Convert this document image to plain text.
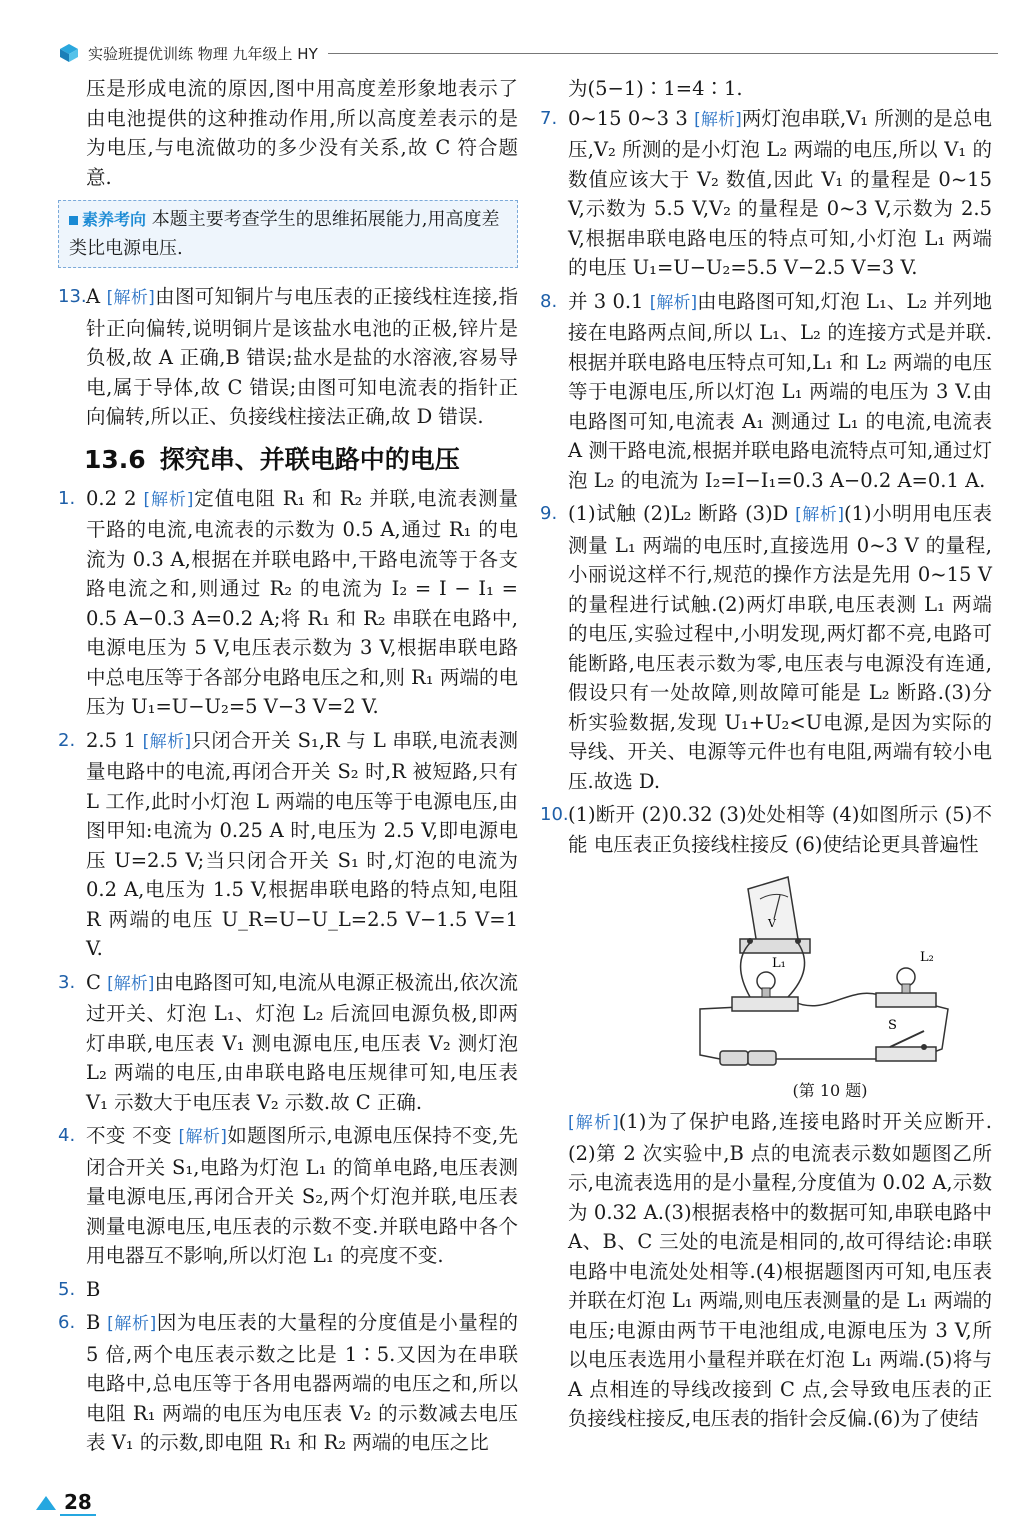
实验班提优训练 物理 九年级上 HY

压是形成电流的原因,图中用高度差形象地表示了由电池提供的这种推动作用,所以高度差表示的是为电压,与电流做功的多少没有关系,故 C 符合题意.

素养考向 本题主要考查学生的思维拓展能力,用高度差类比电源电压.
13. A [解析]由图可知铜片与电压表的正接线柱连接,指针正向偏转,说明铜片是该盐水电池的正极,锌片是负极,故 A 正确,B 错误;盐水是盐的水溶液,容易导电,属于导体,故 C 错误;由图可知电流表的指针正向偏转,所以正、负接线柱接法正确,故 D 错误.

13.6 探究串、并联电路中的电压
1. 0.2 2 [解析]定值电阻 R₁ 和 R₂ 并联,电流表测量干路的电流,电流表的示数为 0.5 A,通过 R₁ 的电流为 0.3 A,根据在并联电路中,干路电流等于各支路电流之和,则通过 R₂ 的电流为 I₂ = I − I₁ = 0.5 A−0.3 A=0.2 A;将 R₁ 和 R₂ 串联在电路中,电源电压为 5 V,电压表示数为 3 V,根据串联电路中总电压等于各部分电路电压之和,则 R₁ 两端的电压为 U₁=U−U₂=5 V−3 V=2 V.

2. 2.5 1 [解析]只闭合开关 S₁,R 与 L 串联,电流表测量电路中的电流,再闭合开关 S₂ 时,R 被短路,只有 L 工作,此时小灯泡 L 两端的电压等于电源电压,由图甲知:电流为 0.25 A 时,电压为 2.5 V,即电源电压 U=2.5 V;当只闭合开关 S₁ 时,灯泡的电流为 0.2 A,电压为 1.5 V,根据串联电路的特点知,电阻 R 两端的电压 U_R=U−U_L=2.5 V−1.5 V=1 V.

3. C [解析]由电路图可知,电流从电源正极流出,依次流过开关、灯泡 L₁、灯泡 L₂ 后流回电源负极,即两灯串联,电压表 V₁ 测电源电压,电压表 V₂ 测灯泡 L₂ 两端的电压,由串联电路电压规律可知,电压表 V₁ 示数大于电压表 V₂ 示数.故 C 正确.

4. 不变 不变 [解析]如题图所示,电源电压保持不变,先闭合开关 S₁,电路为灯泡 L₁ 的简单电路,电压表测量电源电压,再闭合开关 S₂,两个灯泡并联,电压表测量电源电压,电压表的示数不变.并联电路中各个用电器互不影响,所以灯泡 L₁ 的亮度不变.

5. B

6. B [解析]因为电压表的大量程的分度值是小量程的 5 倍,两个电压表示数之比是 1∶5.又因为在串联电路中,总电压等于各用电器两端的电压之和,所以电阻 R₁ 两端的电压为电压表 V₂ 的示数减去电压表 V₁ 的示数,即电阻 R₁ 和 R₂ 两端的电压之比

为(5−1)∶1=4∶1.

7. 0~15 0~3 3 [解析]两灯泡串联,V₁ 所测的是总电压,V₂ 所测的是小灯泡 L₂ 两端的电压,所以 V₁ 的数值应该大于 V₂ 数值,因此 V₁ 的量程是 0~15 V,示数为 5.5 V,V₂ 的量程是 0~3 V,示数为 2.5 V,根据串联电路电压的特点可知,小灯泡 L₁ 两端的电压 U₁=U−U₂=5.5 V−2.5 V=3 V.

8. 并 3 0.1 [解析]由电路图可知,灯泡 L₁、L₂ 并列地接在电路两点间,所以 L₁、L₂ 的连接方式是并联.根据并联电路电压特点可知,L₁ 和 L₂ 两端的电压等于电源电压,所以灯泡 L₁ 两端的电压为 3 V.由电路图可知,电流表 A₁ 测通过 L₁ 的电流,电流表 A 测干路电流,根据并联电路电流特点可知,通过灯泡 L₂ 的电流为 I₂=I−I₁=0.3 A−0.2 A=0.1 A.

9. (1)试触 (2)L₂ 断路 (3)D [解析](1)小明用电压表测量 L₁ 两端的电压时,直接选用 0~3 V 的量程,小丽说这样不行,规范的操作方法是先用 0~15 V 的量程进行试触.(2)两灯串联,电压表测 L₁ 两端的电压,实验过程中,小明发现,两灯都不亮,电路可能断路,电压表示数为零,电压表与电源没有连通,假设只有一处故障,则故障可能是 L₂ 断路.(3)分析实验数据,发现 U₁+U₂<U电源,是因为实际的导线、开关、电源等元件也有电阻,两端有较小电压.故选 D.

10. (1)断开 (2)0.32 (3)处处相等 (4)如图所示 (5)不能 电压表正负接线柱接反 (6)使结论更具普遍性

V
L₁	L₂
S
(第 10 题)

[解析](1)为了保护电路,连接电路时开关应断开.(2)第 2 次实验中,B 点的电流表示数如题图乙所示,电流表选用的是小量程,分度值为 0.02 A,示数为 0.32 A.(3)根据表格中的数据可知,串联电路中 A、B、C 三处的电流是相同的,故可得结论:串联电路中电流处处相等.(4)根据题图丙可知,电压表并联在灯泡 L₁ 两端,则电压表测量的是 L₁ 两端的电压;电源由两节干电池组成,电源电压为 3 V,所以电压表选用小量程并联在灯泡 L₁ 两端.(5)将与 A 点相连的导线改接到 C 点,会导致电压表的正负接线柱接反,电压表的指针会反偏.(6)为了使结

28
